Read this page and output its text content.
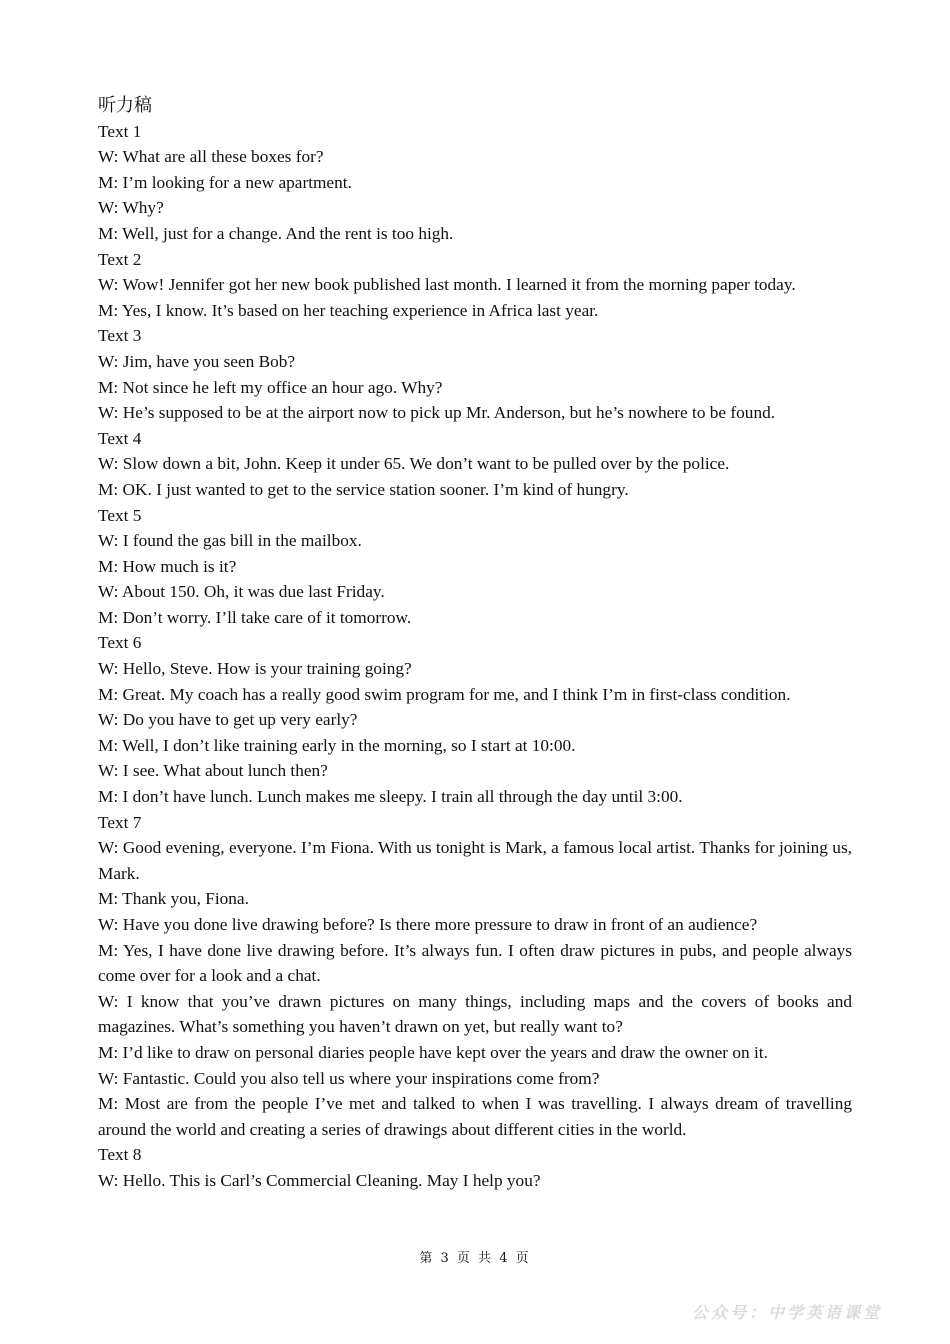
听力稿

Text 1

W: What are all these boxes for?

M: I’m looking for a new apartment.

W: Why?

M: Well, just for a change. And the rent is too high.

Text 2

W: Wow! Jennifer got her new book published last month. I learned it from the morning paper today.

M: Yes, I know. It’s based on her teaching experience in Africa last year.

Text 3

W: Jim, have you seen Bob?

M: Not since he left my office an hour ago. Why?

W: He’s supposed to be at the airport now to pick up Mr. Anderson, but he’s nowhere to be found.

Text 4

W: Slow down a bit, John. Keep it under 65. We don’t want to be pulled over by the police.

M: OK. I just wanted to get to the service station sooner. I’m kind of hungry.

Text 5

W: I found the gas bill in the mailbox.

M: How much is it?

W: About 150. Oh, it was due last Friday.

M: Don’t worry. I’ll take care of it tomorrow.

Text 6

W: Hello, Steve. How is your training going?

M: Great. My coach has a really good swim program for me, and I think I’m in first-class condition.

W: Do you have to get up very early?

M: Well, I don’t like training early in the morning, so I start at 10:00.

W: I see. What about lunch then?

M: I don’t have lunch. Lunch makes me sleepy. I train all through the day until 3:00.

Text 7

W: Good evening, everyone. I’m Fiona. With us tonight is Mark, a famous local artist. Thanks for joining us, Mark.

M: Thank you, Fiona.

W: Have you done live drawing before? Is there more pressure to draw in front of an audience?

M: Yes, I have done live drawing before. It’s always fun. I often draw pictures in pubs, and people always come over for a look and a chat.

W: I know that you’ve drawn pictures on many things, including maps and the covers of books and magazines. What’s something you haven’t drawn on yet, but really want to?

M: I’d like to draw on personal diaries people have kept over the years and draw the owner on it.

W: Fantastic. Could you also tell us where your inspirations come from?

M: Most are from the people I’ve met and talked to when I was travelling. I always dream of travelling around the world and creating a series of drawings about different cities in the world.

Text 8

W: Hello. This is Carl’s Commercial Cleaning. May I help you?

第 3 页 共 4 页
公众号：中学英语课堂
